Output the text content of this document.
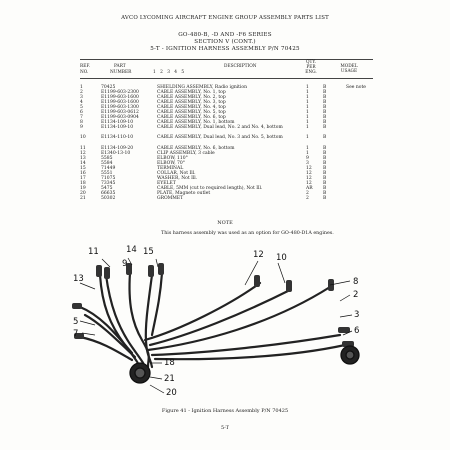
AVCO LYCOMING AIRCRAFT ENGINE GROUP ASSEMBLY PARTS LIST
GO-480-B, -D AND -F6 SERIES
SECTION V (CONT.)
5-T - IGNITION HARNESS ASSEMBLY P/N 70425
REF.
NO.
PART
NUMBER	1 2 3 4 5
DESCRIPTION
QTY.
PER
ENG.
MODEL
USAGE
1	70425	SHIELDING ASSEMBLY, Radio ignition	1	B	See note
2	E1199-603-2300	CABLE ASSEMBLY, No. 1, top	1	B
3	E1199-603-1600	CABLE ASSEMBLY, No. 2, top	1	B
4	E1199-603-1600	CABLE ASSEMBLY, No. 3, top	1	B
5	E1199-603-1300	CABLE ASSEMBLY, No. 4, top	1	B
6	E1199-603-0612	CABLE ASSEMBLY, No. 5, top	1	B
7	E1199-603-0904	CABLE ASSEMBLY, No. 6, top	1	B
8	E1134-109-10	CABLE ASSEMBLY, No. 1, bottom	1	B
9	E1134-109-10	CABLE ASSEMBLY, Dual lead, No. 2 and No. 4, bottom	1	B
10	E1134-110-10	CABLE ASSEMBLY, Dual lead, No. 3 and No. 5, bottom	1	B
11	E1134-109-20	CABLE ASSEMBLY, No. 6, bottom	1	B
12	E1340-13-10	CLIP ASSEMBLY, 3 cable	1	B
13	5585	ELBOW, 110°	9	B
14	5584	ELBOW, 70°	3	B
15	71449	TERMINAL	12	B
16	5551	COLLAR, Not Ill.	12	B
17	71075	WASHER, Not Ill.	12	B
18	73345	EYELET	12	B
19	5475	CABLE, 5MM (cut to required length), Not Ill.	AR B
20	66635	PLATE, Magneto outlet	2	B
21	50302	GROMMET	2	B
NOTE
This harness assembly was used as an option for GO-480-D1A engines.
11	14
9
15	12 10
13	8
2
5
7
3
6
18
21
20
Figure 41 - Ignition Harness Assembly P/N 70425
5-T
